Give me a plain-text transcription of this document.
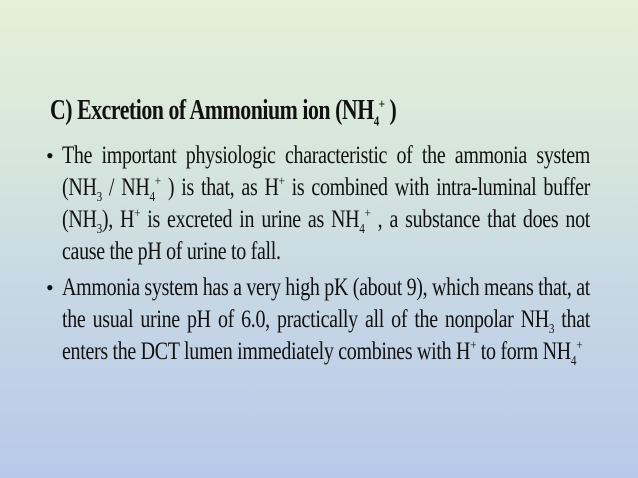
C) Excretion of Ammonium ion ($NH_4^+$ )
• The important physiologic characteristic of the ammonia system ($NH_3 / NH_4^+$ ) is that, as H+ is combined with intra-luminal buffer $(NH_3)$, H+ is excreted in urine as $NH_4^+$ , a substance that does not cause the pH of urine to fall.
• Ammonia system has a very high pK (about 9), which means that, at the usual urine pH of 6.0, practically all of the nonpolar $NH_3$ that enters the DCT lumen immediately combines with H+ to form $NH_4^+$
